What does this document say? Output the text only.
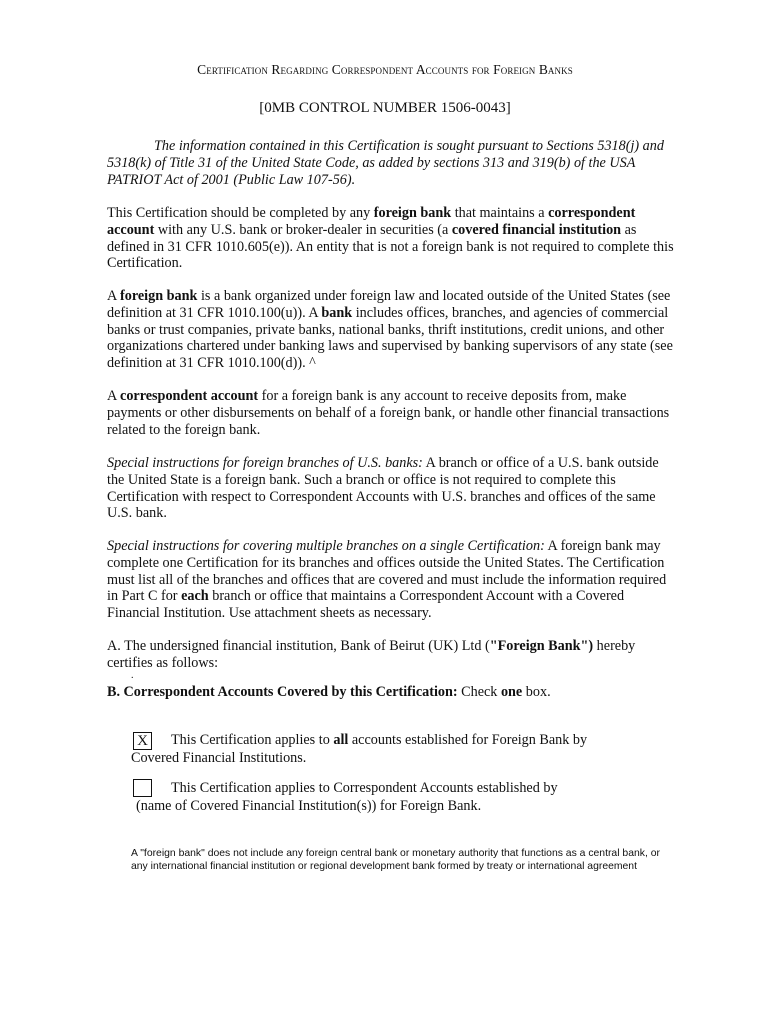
Certification Regarding Correspondent Accounts for Foreign Banks
[0MB CONTROL NUMBER 1506-0043]
The information contained in this Certification is sought pursuant to Sections 5318(j) and 5318(k) of Title 31 of the United State Code, as added by sections 313 and 319(b) of the USA PATRIOT Act of 2001 (Public Law 107-56).
This Certification should be completed by any foreign bank that maintains a correspondent account with any U.S. bank or broker-dealer in securities (a covered financial institution as defined in 31 CFR 1010.605(e)). An entity that is not a foreign bank is not required to complete this Certification.
A foreign bank is a bank organized under foreign law and located outside of the United States (see definition at 31 CFR 1010.100(u)). A bank includes offices, branches, and agencies of commercial banks or trust companies, private banks, national banks, thrift institutions, credit unions, and other organizations chartered under banking laws and supervised by banking supervisors of any state (see definition at 31 CFR 1010.100(d)). ^
A correspondent account for a foreign bank is any account to receive deposits from, make payments or other disbursements on behalf of a foreign bank, or handle other financial transactions related to the foreign bank.
Special instructions for foreign branches of U.S. banks: A branch or office of a U.S. bank outside the United State is a foreign bank. Such a branch or office is not required to complete this Certification with respect to Correspondent Accounts with U.S. branches and offices of the same U.S. bank.
Special instructions for covering multiple branches on a single Certification: A foreign bank may complete one Certification for its branches and offices outside the United States. The Certification must list all of the branches and offices that are covered and must include the information required in Part C for each branch or office that maintains a Correspondent Account with a Covered Financial Institution. Use attachment sheets as necessary.
A. The undersigned financial institution, Bank of Beirut (UK) Ltd ("Foreign Bank") hereby certifies as follows:
.
B. Correspondent Accounts Covered by this Certification: Check one box.
X	This Certification applies to all accounts established for Foreign Bank by
Covered Financial Institutions.
This Certification applies to Correspondent Accounts established by
(name of Covered Financial Institution(s)) for Foreign Bank.
A "foreign bank" does not include any foreign central bank or monetary authority that functions as a central bank, or any international financial institution or regional development bank formed by treaty or international agreement
